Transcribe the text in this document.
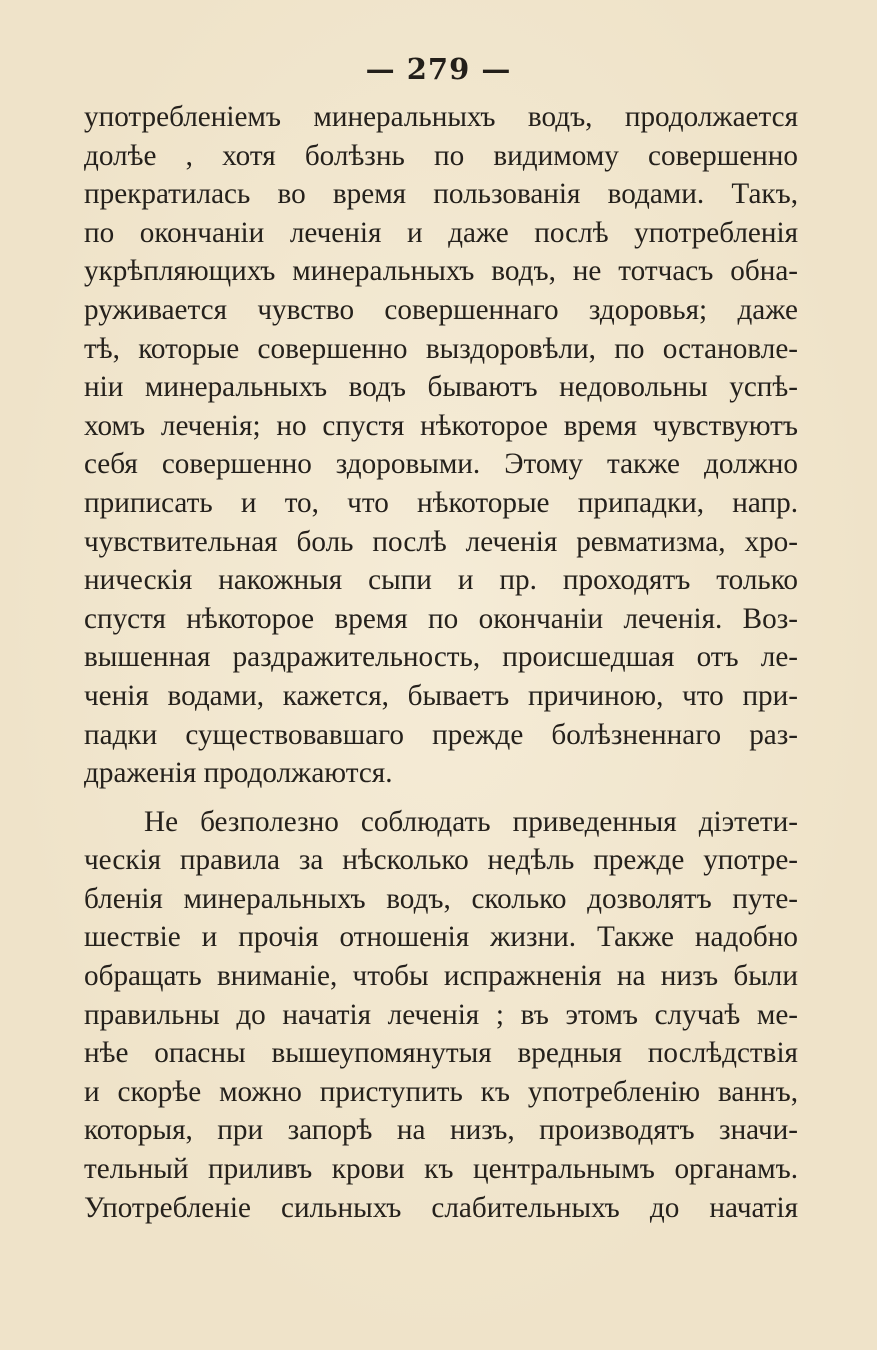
— 279 —
употребленіемъ минеральныхъ водъ, продолжается
долѣе , хотя болѣзнь по видимому совершенно
прекратилась во время пользованія водами. Такъ,
по окончаніи леченія и даже послѣ употребленія
укрѣпляющихъ минеральныхъ водъ, не тотчасъ обна-
руживается чувство совершеннаго здоровья; даже
тѣ, которые совершенно выздоровѣли, по остановле-
ніи минеральныхъ водъ бываютъ недовольны успѣ-
хомъ леченія; но спустя нѣкоторое время чувствуютъ
себя совершенно здоровыми. Этому также должно
приписать и то, что нѣкоторые припадки, напр.
чувствительная боль послѣ леченія ревматизма, хро-
ническія накожныя сыпи и пр. проходятъ только
спустя нѣкоторое время по окончаніи леченія. Воз-
вышенная раздражительность, происшедшая отъ ле-
ченія водами, кажется, бываетъ причиною, что при-
падки существовавшаго прежде болѣзненнаго раз-
драженія продолжаются.
Не безполезно соблюдать приведенныя діэтети-
ческія правила за нѣсколько недѣль прежде употре-
бленія минеральныхъ водъ, сколько дозволятъ путе-
шествіе и прочія отношенія жизни. Также надобно
обращать вниманіе, чтобы испражненія на низъ были
правильны до начатія леченія ; въ этомъ случаѣ ме-
нѣе опасны вышеупомянутыя вредныя послѣдствія
и скорѣе можно приступить къ употребленію ваннъ,
которыя, при запорѣ на низъ, производятъ значи-
тельный приливъ крови къ центральнымъ органамъ.
Употребленіе сильныхъ слабительныхъ до начатія
